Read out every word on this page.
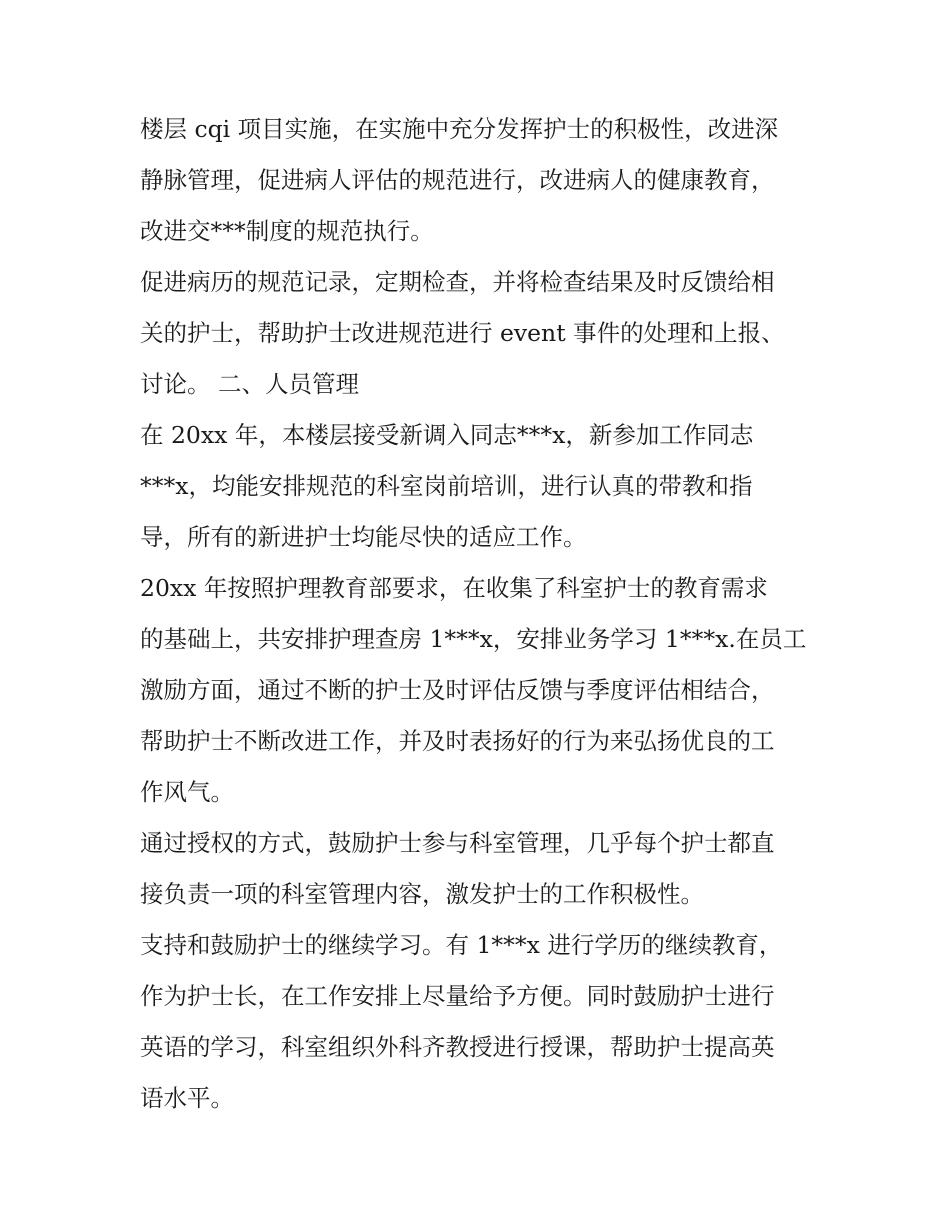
楼层 cqi 项目实施，在实施中充分发挥护士的积极性，改进深
静脉管理，促进病人评估的规范进行，改进病人的健康教育，
改进交***制度的规范执行。
促进病历的规范记录，定期检查，并将检查结果及时反馈给相
关的护士，帮助护士改进规范进行 event 事件的处理和上报、
讨论。 二、人员管理
在 20xx 年，本楼层接受新调入同志***x，新参加工作同志
***x，均能安排规范的科室岗前培训，进行认真的带教和指
导，所有的新进护士均能尽快的适应工作。
20xx 年按照护理教育部要求，在收集了科室护士的教育需求
的基础上，共安排护理查房 1***x，安排业务学习 1***x.在员工
激励方面，通过不断的护士及时评估反馈与季度评估相结合，
帮助护士不断改进工作，并及时表扬好的行为来弘扬优良的工
作风气。
通过授权的方式，鼓励护士参与科室管理，几乎每个护士都直
接负责一项的科室管理内容，激发护士的工作积极性。
支持和鼓励护士的继续学习。有 1***x 进行学历的继续教育，
作为护士长，在工作安排上尽量给予方便。同时鼓励护士进行
英语的学习，科室组织外科齐教授进行授课，帮助护士提高英
语水平。
